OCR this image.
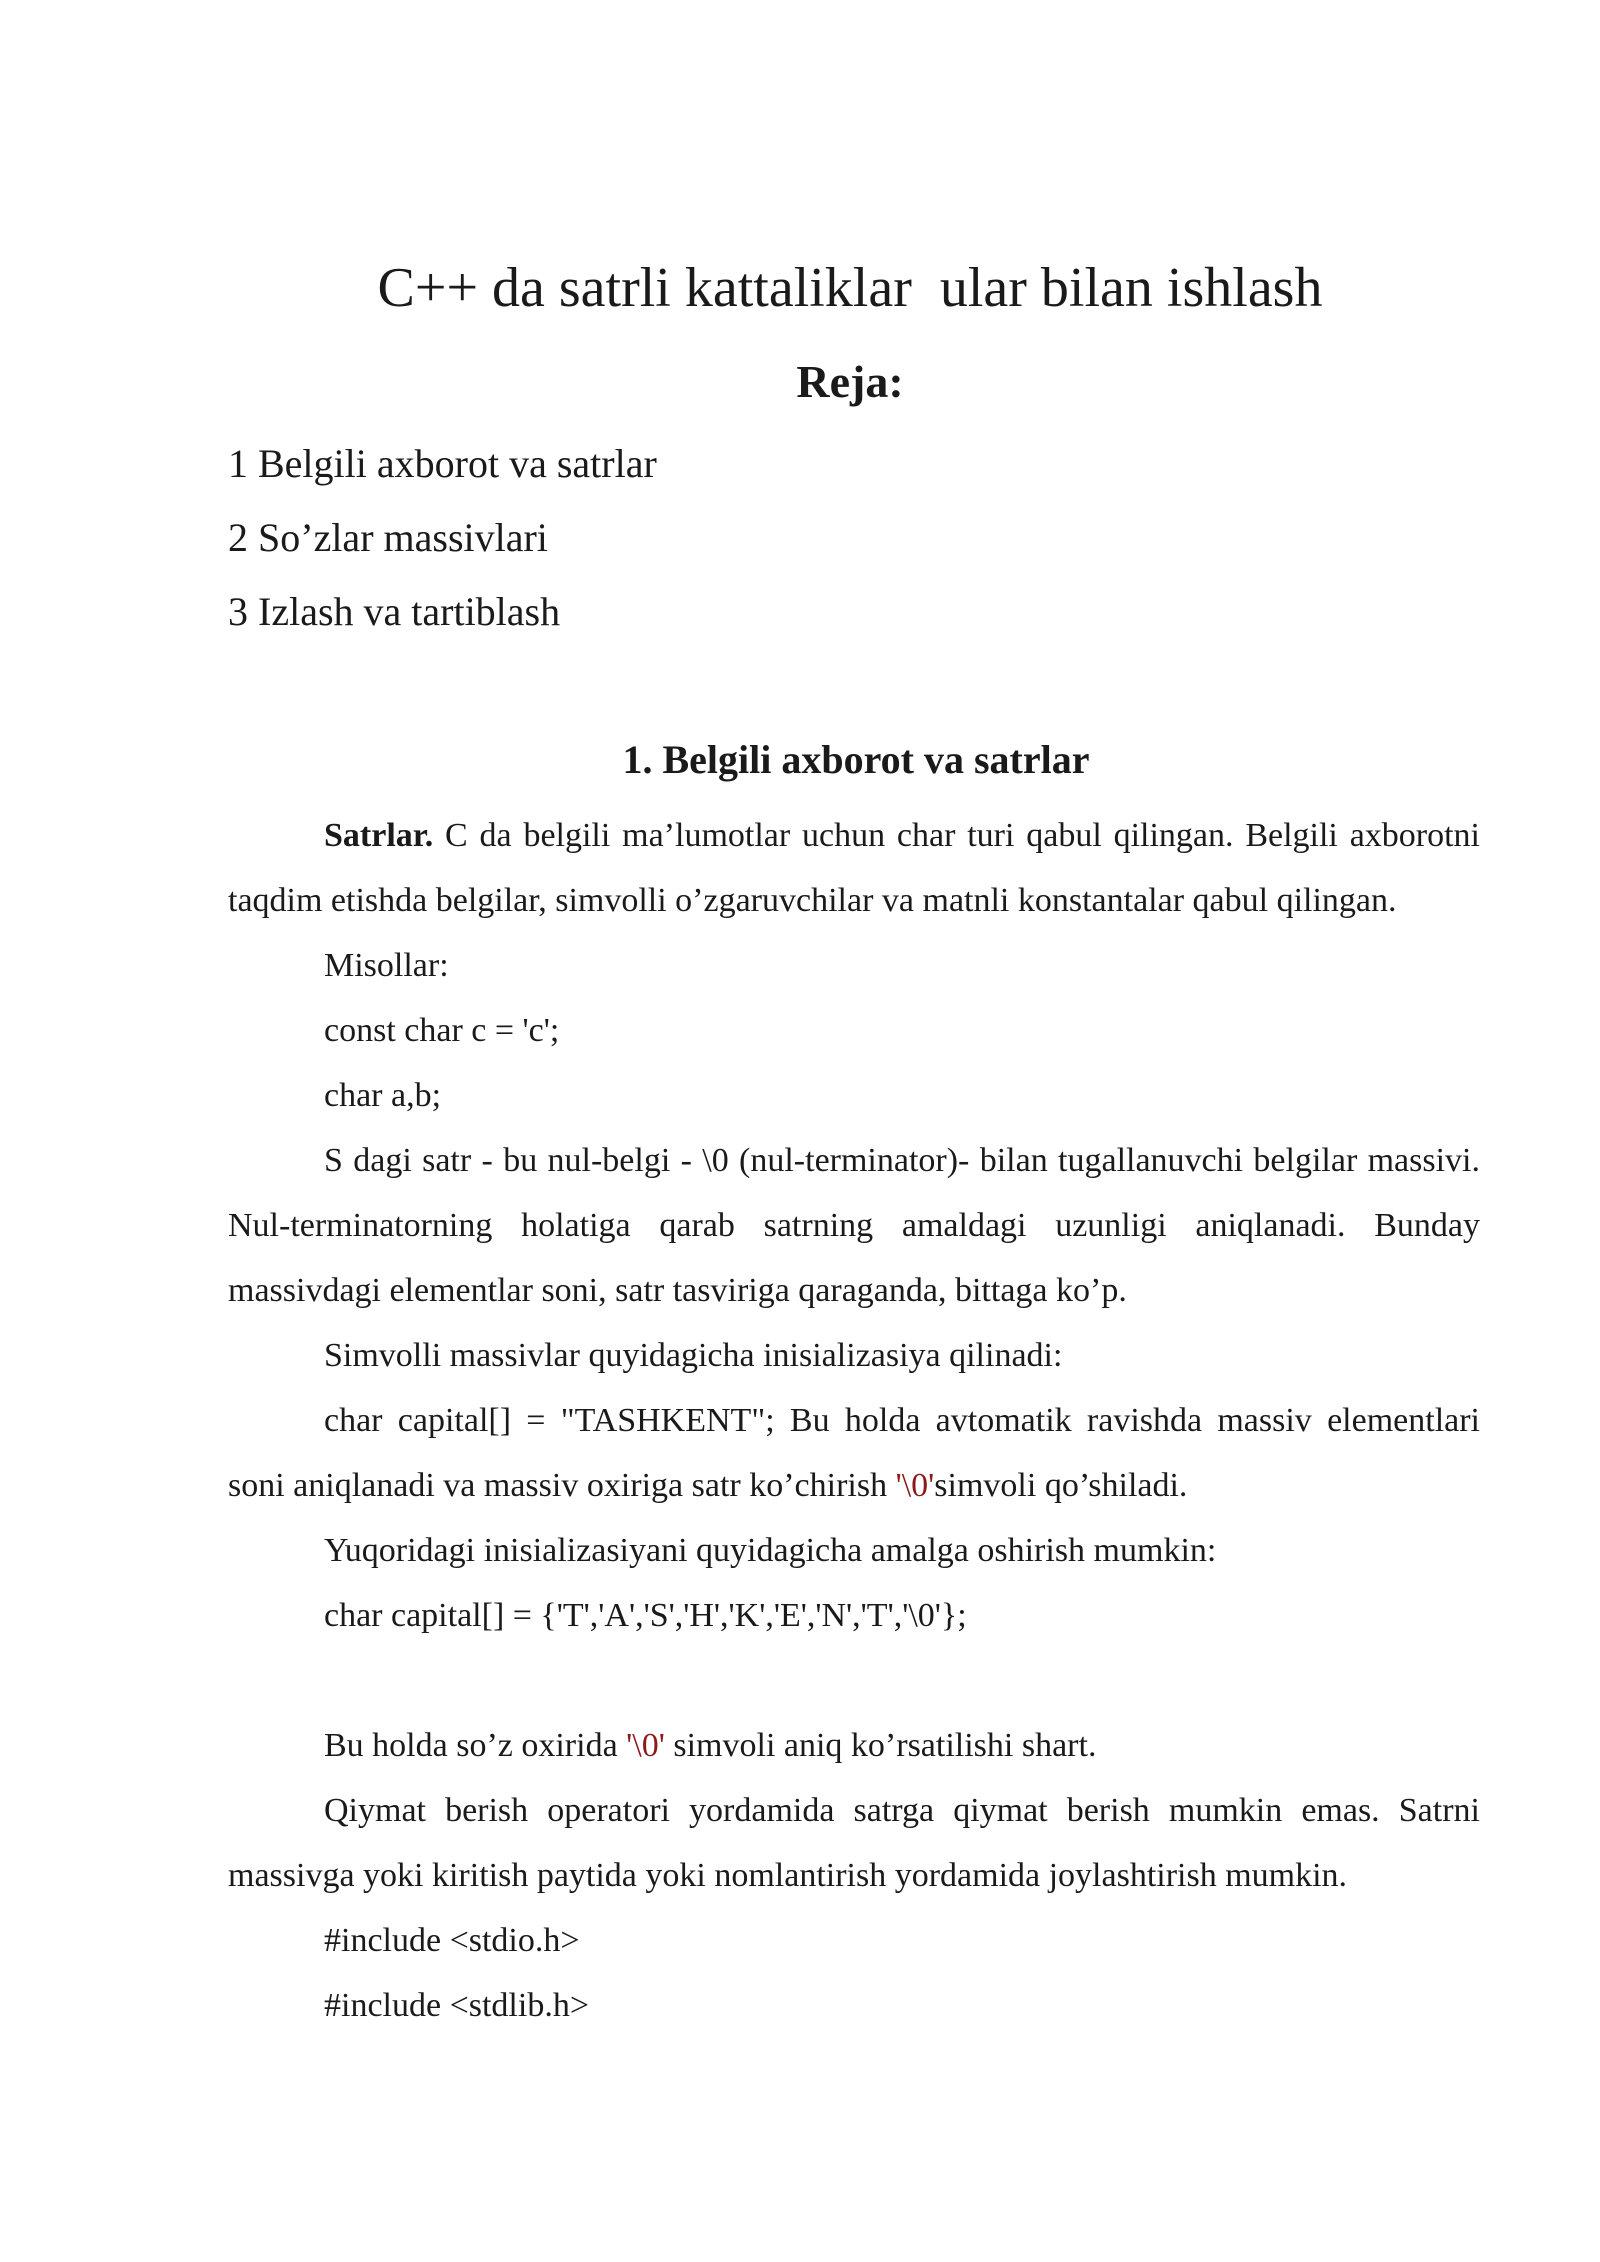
C++ da satrli kattaliklar  ular bilan ishlash
Reja:
1 Belgili axborot va satrlar
2 So’zlar massivlari
3 Izlash va tartiblash
1. Belgili axborot va satrlar

Satrlar. C da belgili ma’lumotlar uchun char turi qabul qilingan. Belgili axborotni taqdim etishda belgilar, simvolli o’zgaruvchilar va matnli konstantalar qabul qilingan.

Misollar:

const char c = 'c';

char a,b;

S dagi satr - bu nul-belgi - \0 (nul-terminator)- bilan tugallanuvchi belgilar massivi. Nul-terminatorning holatiga qarab satrning amaldagi uzunligi aniqlanadi. Bunday massivdagi elementlar soni, satr tasviriga qaraganda, bittaga ko’p.

Simvolli massivlar quyidagicha inisializasiya qilinadi:

char capital[] = "TASHKENT"; Bu holda avtomatik ravishda massiv elementlari soni aniqlanadi va massiv oxiriga satr ko’chirish '\0'simvoli qo’shiladi.

Yuqoridagi inisializasiyani quyidagicha amalga oshirish mumkin:

char capital[] = {'T','A','S','H','K','E','N','T','\0'};

Bu holda so’z oxirida '\0' simvoli aniq ko’rsatilishi shart.

Qiymat berish operatori yordamida satrga qiymat berish mumkin emas. Satrni massivga yoki kiritish paytida yoki nomlantirish yordamida joylashtirish mumkin.

#include <stdio.h>

#include <stdlib.h>
